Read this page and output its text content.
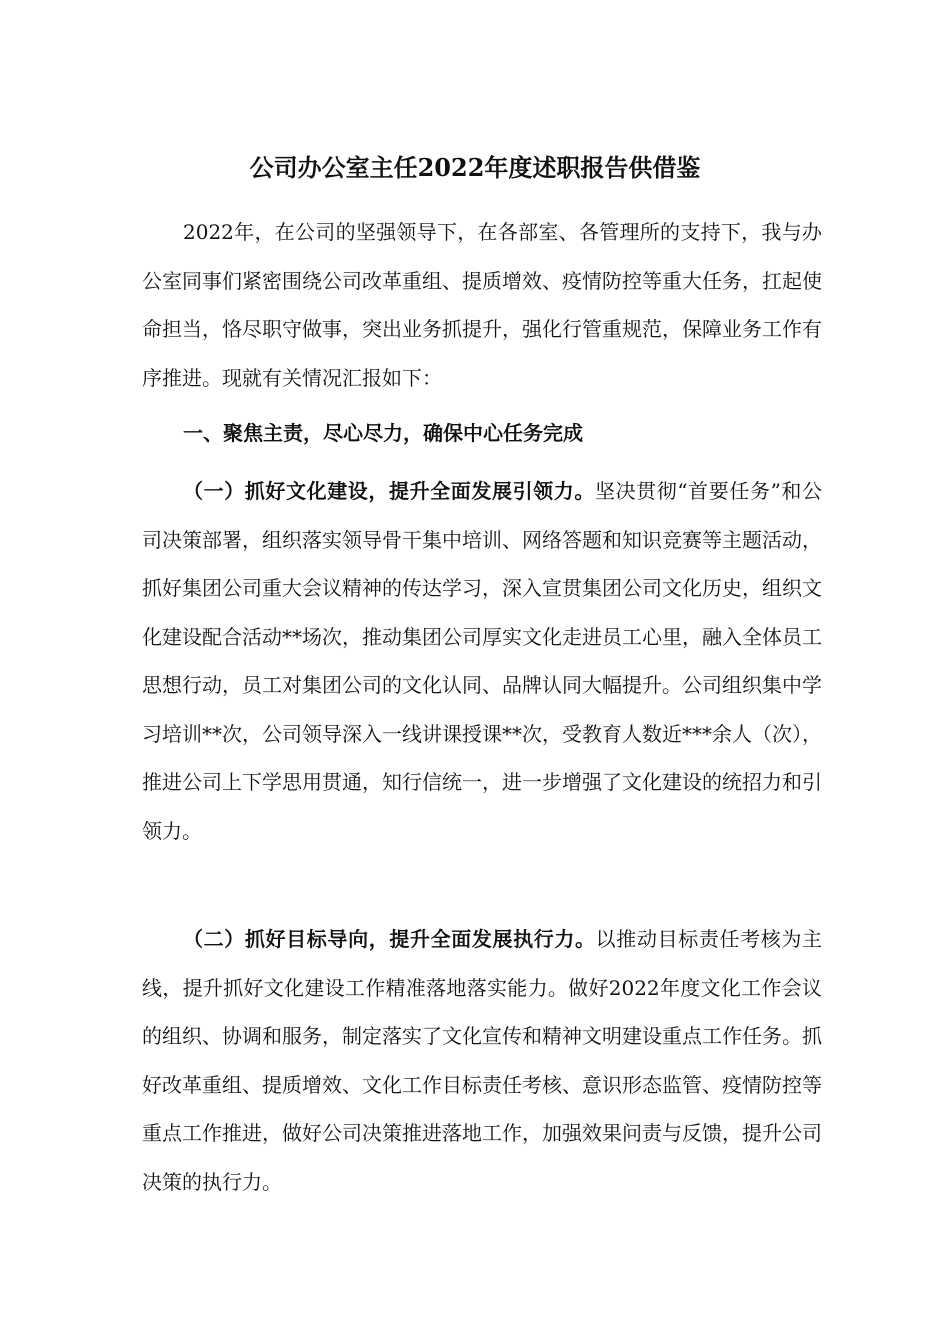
公司办公室主任2022年度述职报告供借鉴

2022年，在公司的坚强领导下，在各部室、各管理所的支持下，我与办公室同事们紧密围绕公司改革重组、提质增效、疫情防控等重大任务，扛起使命担当，恪尽职守做事，突出业务抓提升，强化行管重规范，保障业务工作有序推进。现就有关情况汇报如下：

一、聚焦主责，尽心尽力，确保中心任务完成

（一）抓好文化建设，提升全面发展引领力。坚决贯彻“首要任务”和公司决策部署，组织落实领导骨干集中培训、网络答题和知识竞赛等主题活动，抓好集团公司重大会议精神的传达学习，深入宣贯集团公司文化历史，组织文化建设配合活动**场次，推动集团公司厚实文化走进员工心里，融入全体员工思想行动，员工对集团公司的文化认同、品牌认同大幅提升。公司组织集中学习培训**次，公司领导深入一线讲课授课**次，受教育人数近***余人（次），推进公司上下学思用贯通，知行信统一，进一步增强了文化建设的统招力和引领力。

（二）抓好目标导向，提升全面发展执行力。以推动目标责任考核为主线，提升抓好文化建设工作精准落地落实能力。做好2022年度文化工作会议的组织、协调和服务，制定落实了文化宣传和精神文明建设重点工作任务。抓好改革重组、提质增效、文化工作目标责任考核、意识形态监管、疫情防控等重点工作推进，做好公司决策推进落地工作，加强效果问责与反馈，提升公司决策的执行力。
